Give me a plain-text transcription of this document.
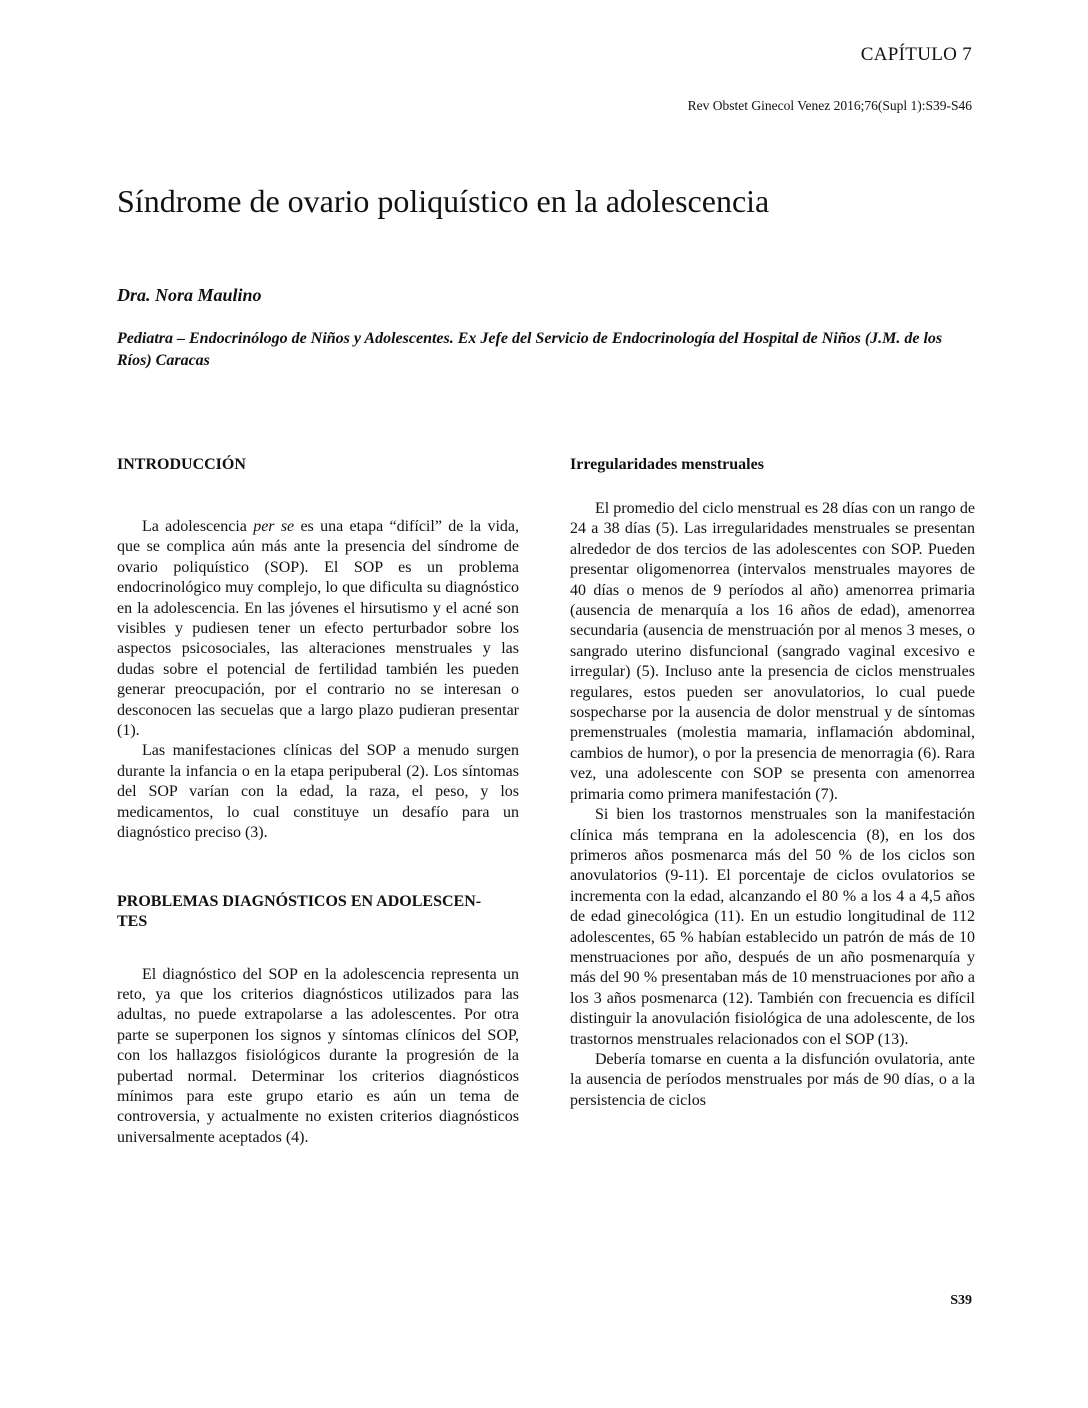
CAPÍTULO 7
Rev Obstet Ginecol Venez 2016;76(Supl 1):S39-S46
Síndrome de ovario poliquístico en la adolescencia

Dra. Nora Maulino

Pediatra – Endocrinólogo de Niños y Adolescentes. Ex Jefe del Servicio de Endocrinología del Hospital de Niños (J.M. de los Ríos) Caracas

INTRODUCCIÓN

La adolescencia per se es una etapa “difícil” de la vida, que se complica aún más ante la presencia del síndrome de ovario poliquístico (SOP). El SOP es un problema endocrinológico muy complejo, lo que dificulta su diagnóstico en la adolescencia. En las jóvenes el hirsutismo y el acné son visibles y pudiesen tener un efecto perturbador sobre los aspectos psicosociales, las alteraciones menstruales y las dudas sobre el potencial de fertilidad también les pueden generar preocupación, por el contrario no se interesan o desconocen las secuelas que a largo plazo pudieran presentar (1).

Las manifestaciones clínicas del SOP a menudo surgen durante la infancia o en la etapa peripuberal (2). Los síntomas del SOP varían con la edad, la raza, el peso, y los medicamentos, lo cual constituye un desafío para un diagnóstico preciso (3).

PROBLEMAS DIAGNÓSTICOS EN ADOLESCEN-
TES

El diagnóstico del SOP en la adolescencia representa un reto, ya que los criterios diagnósticos utilizados para las adultas, no puede extrapolarse a las adolescentes. Por otra parte se superponen los signos y síntomas clínicos del SOP, con los hallazgos fisiológicos durante la progresión de la pubertad normal. Determinar los criterios diagnósticos mínimos para este grupo etario es aún un tema de controversia, y actualmente no existen criterios diagnósticos universalmente aceptados (4).

Irregularidades menstruales

El promedio del ciclo menstrual es 28 días con un rango de 24 a 38 días (5). Las irregularidades menstruales se presentan alrededor de dos tercios de las adolescentes con SOP. Pueden presentar oligomenorrea (intervalos menstruales mayores de 40 días o menos de 9 períodos al año) amenorrea primaria (ausencia de menarquía a los 16 años de edad), amenorrea secundaria (ausencia de menstruación por al menos 3 meses, o sangrado uterino disfuncional (sangrado vaginal excesivo e irregular) (5). Incluso ante la presencia de ciclos menstruales regulares, estos pueden ser anovulatorios, lo cual puede sospecharse por la ausencia de dolor menstrual y de síntomas premenstruales (molestia mamaria, inflamación abdominal, cambios de humor), o por la presencia de menorragia (6). Rara vez, una adolescente con SOP se presenta con amenorrea primaria como primera manifestación (7).

Si bien los trastornos menstruales son la manifestación clínica más temprana en la adolescencia (8), en los dos primeros años posmenarca más del 50 % de los ciclos son anovulatorios (9-11). El porcentaje de ciclos ovulatorios se incrementa con la edad, alcanzando el 80 % a los 4 a 4,5 años de edad ginecológica (11). En un estudio longitudinal de 112 adolescentes, 65 % habían establecido un patrón de más de 10 menstruaciones por año, después de un año posmenarquía y más del 90 % presentaban más de 10 menstruaciones por año a los 3 años posmenarca (12). También con frecuencia es difícil distinguir la anovulación fisiológica de una adolescente, de los trastornos menstruales relacionados con el SOP (13).

Debería tomarse en cuenta a la disfunción ovulatoria, ante la ausencia de períodos menstruales por más de 90 días, o a la persistencia de ciclos

S39
